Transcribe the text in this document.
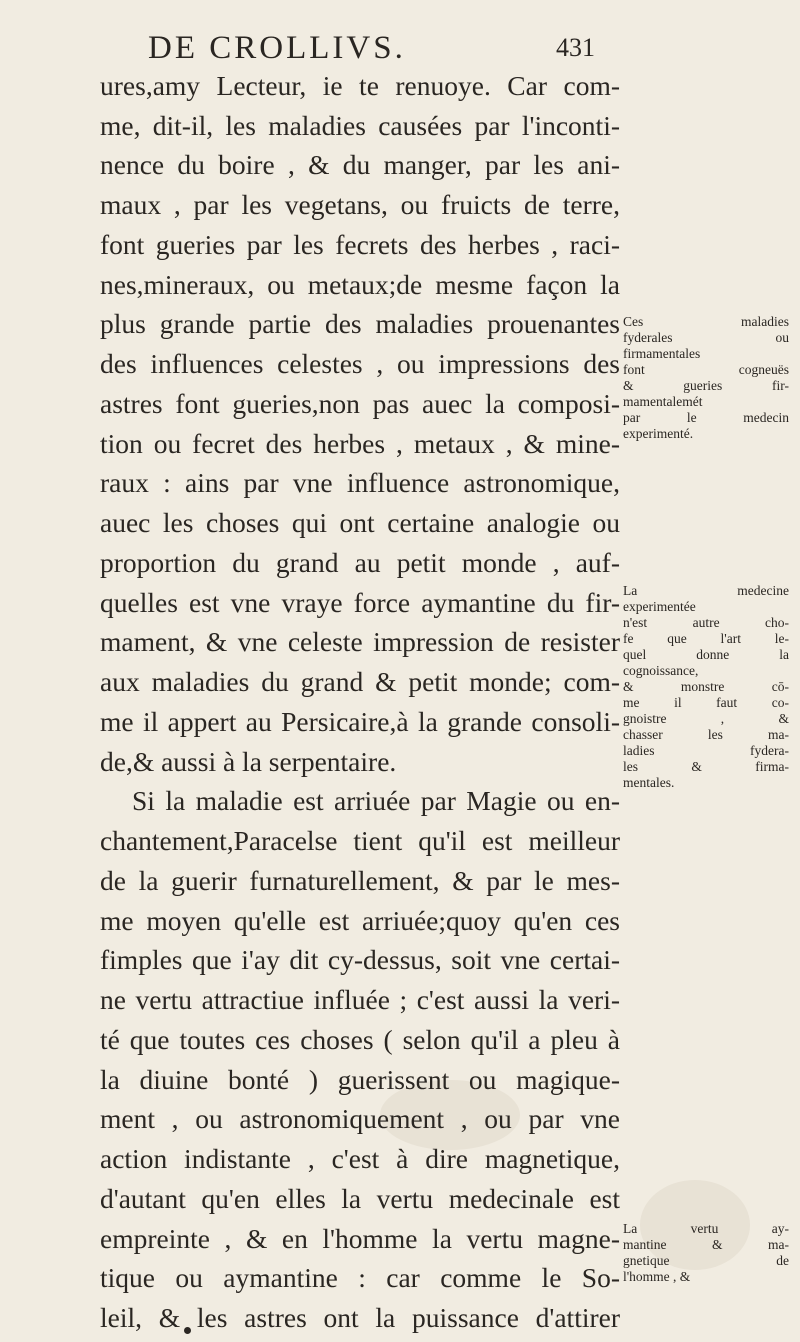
DE CROLLIVS.	431
ures,amy Lecteur, ie te renuoye. Car com-
me, dit-il, les maladies causées par l'inconti-
nence du boire , & du manger, par les ani-
maux , par les vegetans, ou fruicts de terre,
font gueries par les fecrets des herbes , raci-
nes,mineraux, ou metaux;de mesme façon la
plus grande partie des maladies prouenantes
des influences celestes , ou impressions des
astres font gueries,non pas auec la composi-
tion ou fecret des herbes , metaux , & mine-
raux : ains par vne influence astronomique,
auec les choses qui ont certaine analogie ou
proportion du grand au petit monde , auf-
quelles est vne vraye force aymantine du fir-
mament, & vne celeste impression de resister
aux maladies du grand & petit monde; com-
me il appert au Persicaire,à la grande consoli-
de,& aussi à la serpentaire.
Si la maladie est arriuée par Magie ou en-
chantement,Paracelse tient qu'il est meilleur
de la guerir furnaturellement, & par le mes-
me moyen qu'elle est arriuée;quoy qu'en ces
fimples que i'ay dit cy-dessus, soit vne certai-
ne vertu attractiue influée ; c'est aussi la veri-
té que toutes ces choses ( selon qu'il a pleu à
la diuine bonté ) guerissent ou magique-
ment , ou astronomiquement , ou par vne
action indistante , c'est à dire magnetique,
d'autant qu'en elles la vertu medecinale est
empreinte , & en l'homme la vertu magne-
tique ou aymantine : car comme le So-
leil, & les astres ont la puissance d'attirer
Ces maladies
fyderales ou
firmamentales
font cogneuës
& gueries fir-
mamentalemét
par le medecin
experimenté.
La medecine
experimentée
n'est autre cho-
fe que l'art le-
quel donne la
cognoissance,
& monstre cō-
me il faut co-
gnoistre , &
chasser les ma-
ladies fydera-
les & firma-
mentales.
La vertu ay-
mantine & ma-
gnetique de
l'homme , &
